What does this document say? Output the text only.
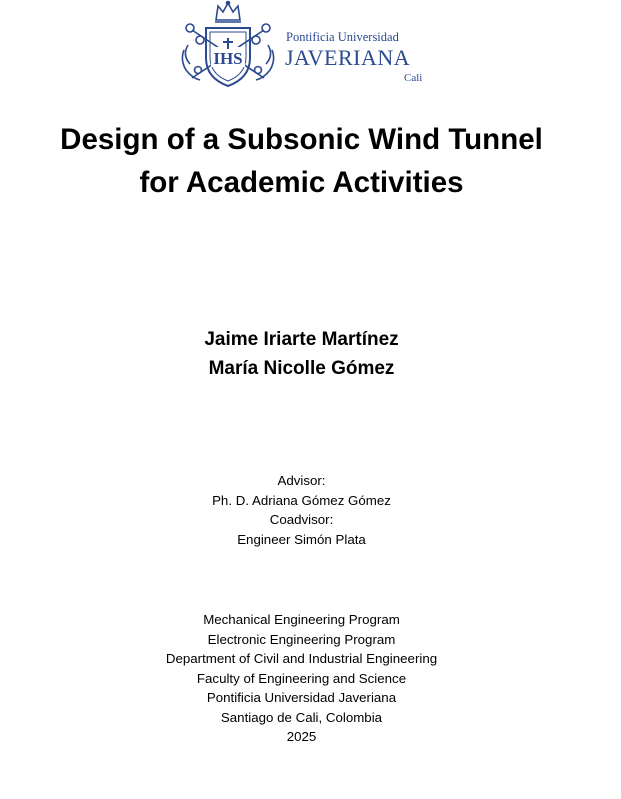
IHS
Pontificia Universidad
JAVERIANA
Cali
Design of a Subsonic Wind Tunnel
for Academic Activities
Jaime Iriarte Martínez
María Nicolle Gómez
Advisor:
Ph. D. Adriana Gómez Gómez
Coadvisor:
Engineer Simón Plata
Mechanical Engineering Program
Electronic Engineering Program
Department of Civil and Industrial Engineering
Faculty of Engineering and Science
Pontificia Universidad Javeriana
Santiago de Cali, Colombia
2025
